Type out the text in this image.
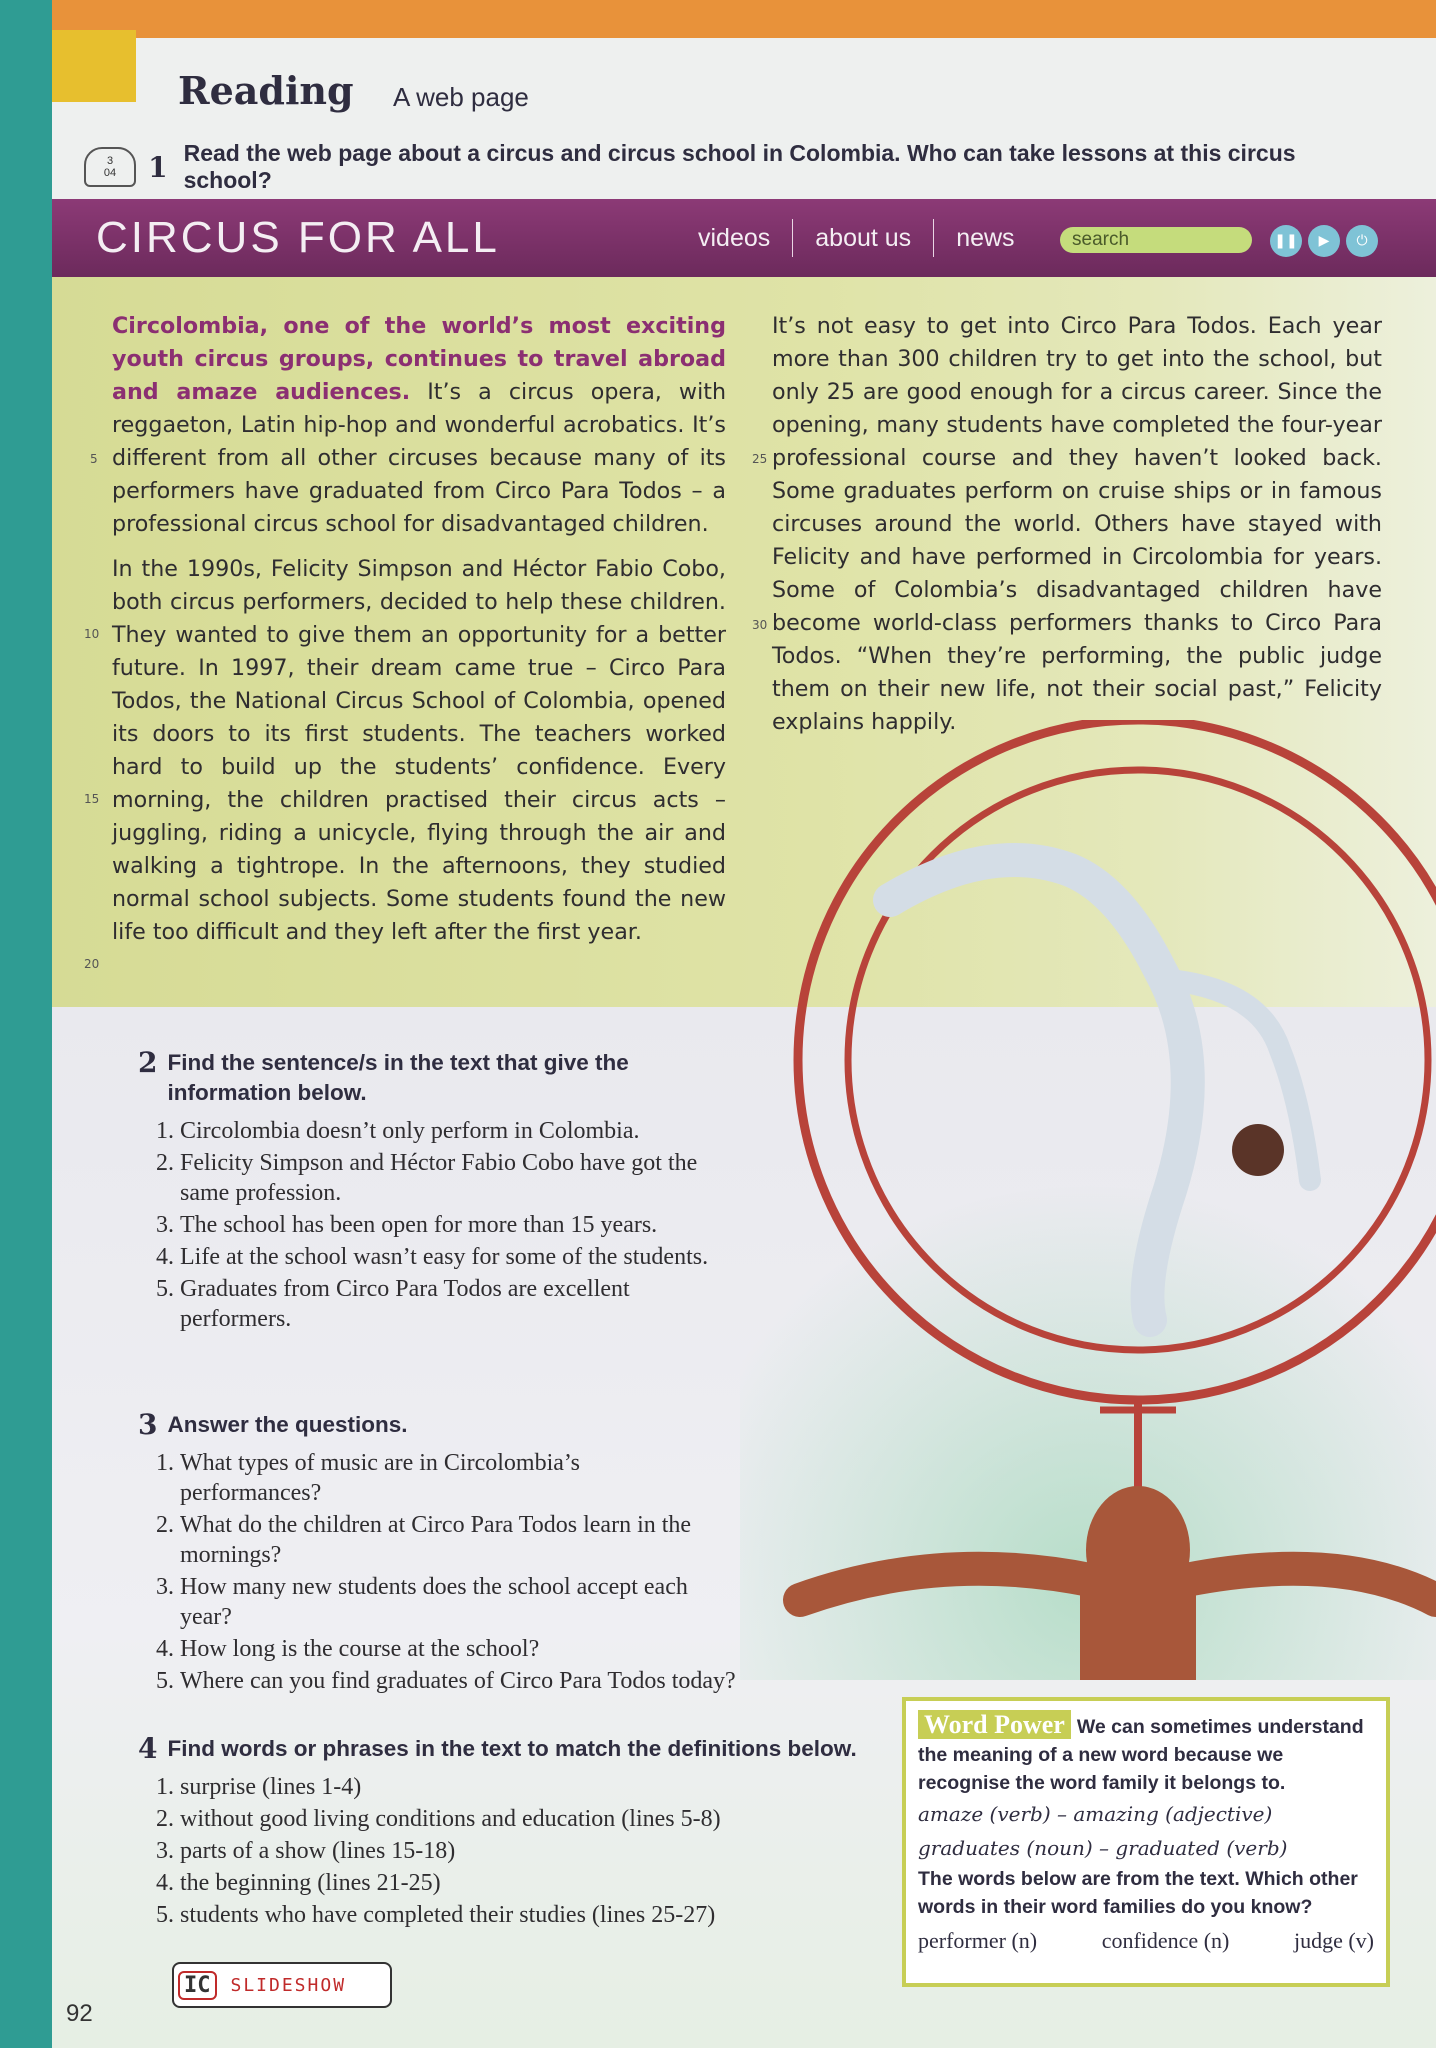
Reading A web page
3
04 1 Read the web page about a circus and circus school in Colombia. Who can take lessons at this circus school?
CIRCUS FOR ALL	videos	about us	news	search	❚❚	▶	⏻

Circolombia, one of the world’s most exciting youth circus groups, continues to travel abroad and amaze audiences. It’s a circus opera, with reggaeton, Latin hip-hop and wonderful acrobatics. It’s different from all other circuses because many of its performers have graduated from Circo Para Todos – a professional circus school for disadvantaged children.

In the 1990s, Felicity Simpson and Héctor Fabio Cobo, both circus performers, decided to help these children. They wanted to give them an opportunity for a better future. In 1997, their dream came true – Circo Para Todos, the National Circus School of Colombia, opened its doors to its first students. The teachers worked hard to build up the students’ confidence. Every morning, the children practised their circus acts – juggling, riding a unicycle, flying through the air and walking a tightrope. In the afternoons, they studied normal school subjects. Some students found the new life too difficult and they left after the first year.

5
10
15
20

It’s not easy to get into Circo Para Todos. Each year more than 300 children try to get into the school, but only 25 are good enough for a circus career. Since the opening, many students have completed the four-year professional course and they haven’t looked back. Some graduates perform on cruise ships or in famous circuses around the world. Others have stayed with Felicity and have performed in Circolombia for years. Some of Colombia’s disadvantaged children have become world-class performers thanks to Circo Para Todos. “When they’re performing, the public judge them on their new life, not their social past,” Felicity explains happily.

25
30
2 Find the sentence/s in the text that give the information below.
1. Circolombia doesn’t only perform in Colombia.
2. Felicity Simpson and Héctor Fabio Cobo have got the same profession.
3. The school has been open for more than 15 years.
4. Life at the school wasn’t easy for some of the students.
5. Graduates from Circo Para Todos are excellent performers.
3 Answer the questions.
1. What types of music are in Circolombia’s performances?
2. What do the children at Circo Para Todos learn in the mornings?
3. How many new students does the school accept each year?
4. How long is the course at the school?
5. Where can you find graduates of Circo Para Todos today?
4 Find words or phrases in the text to match the definitions below.
1. surprise (lines 1-4)
2. without good living conditions and education (lines 5-8)
3. parts of a show (lines 15-18)
4. the beginning (lines 21-25)
5. students who have completed their studies (lines 25-27)
Word Power We can sometimes understand the meaning of a new word because we recognise the word family it belongs to.
amaze (verb) – amazing (adjective)
graduates (noun) – graduated (verb)
The words below are from the text. Which other words in their word families do you know?
performer (n)	confidence (n)	judge (v)
IC	SLIDESHOW
92
